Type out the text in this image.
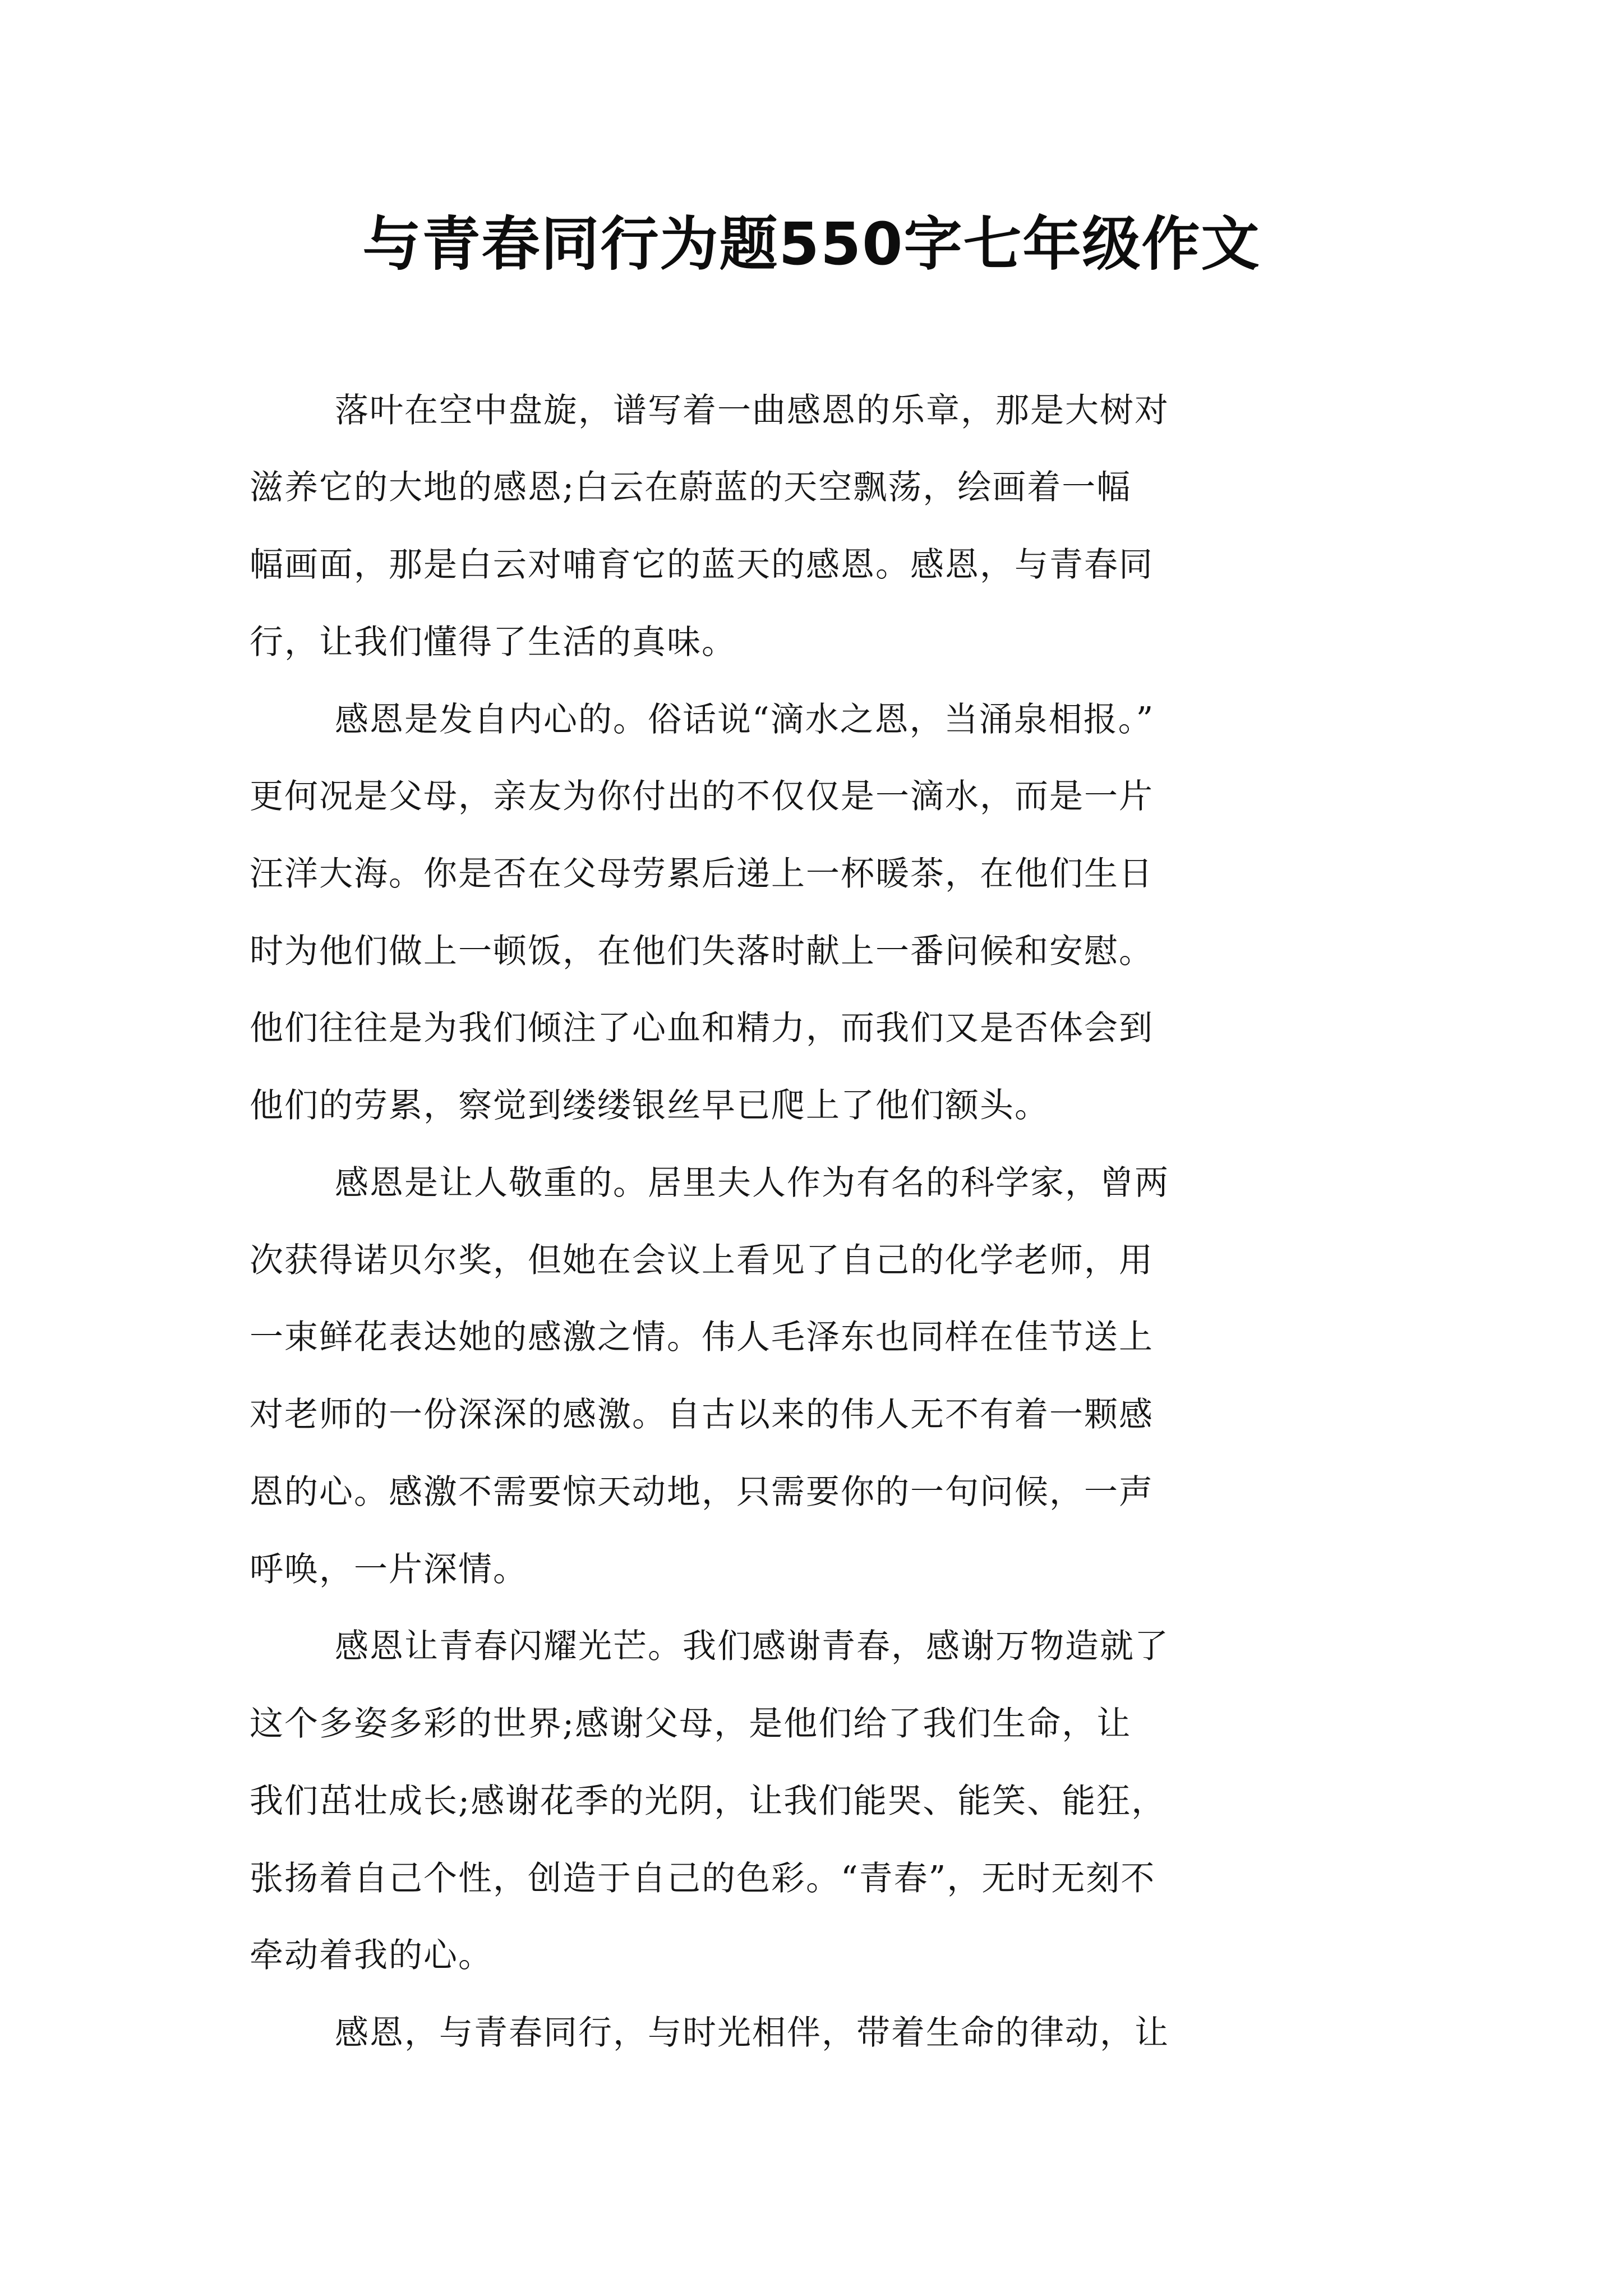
与青春同行为题550字七年级作文
落叶在空中盘旋，谱写着一曲感恩的乐章，那是大树对
滋养它的大地的感恩;白云在蔚蓝的天空飘荡，绘画着一幅
幅画面，那是白云对哺育它的蓝天的感恩。感恩，与青春同
行，让我们懂得了生活的真味。
感恩是发自内心的。俗话说“滴水之恩，当涌泉相报。”
更何况是父母，亲友为你付出的不仅仅是一滴水，而是一片
汪洋大海。你是否在父母劳累后递上一杯暖茶，在他们生日
时为他们做上一顿饭，在他们失落时献上一番问候和安慰。
他们往往是为我们倾注了心血和精力，而我们又是否体会到
他们的劳累，察觉到缕缕银丝早已爬上了他们额头。
感恩是让人敬重的。居里夫人作为有名的科学家，曾两
次获得诺贝尔奖，但她在会议上看见了自己的化学老师，用
一束鲜花表达她的感激之情。伟人毛泽东也同样在佳节送上
对老师的一份深深的感激。自古以来的伟人无不有着一颗感
恩的心。感激不需要惊天动地，只需要你的一句问候，一声
呼唤，一片深情。
感恩让青春闪耀光芒。我们感谢青春，感谢万物造就了
这个多姿多彩的世界;感谢父母，是他们给了我们生命，让
我们茁壮成长;感谢花季的光阴，让我们能哭、能笑、能狂，
张扬着自己个性，创造于自己的色彩。“青春”，无时无刻不
牵动着我的心。
感恩，与青春同行，与时光相伴，带着生命的律动，让
